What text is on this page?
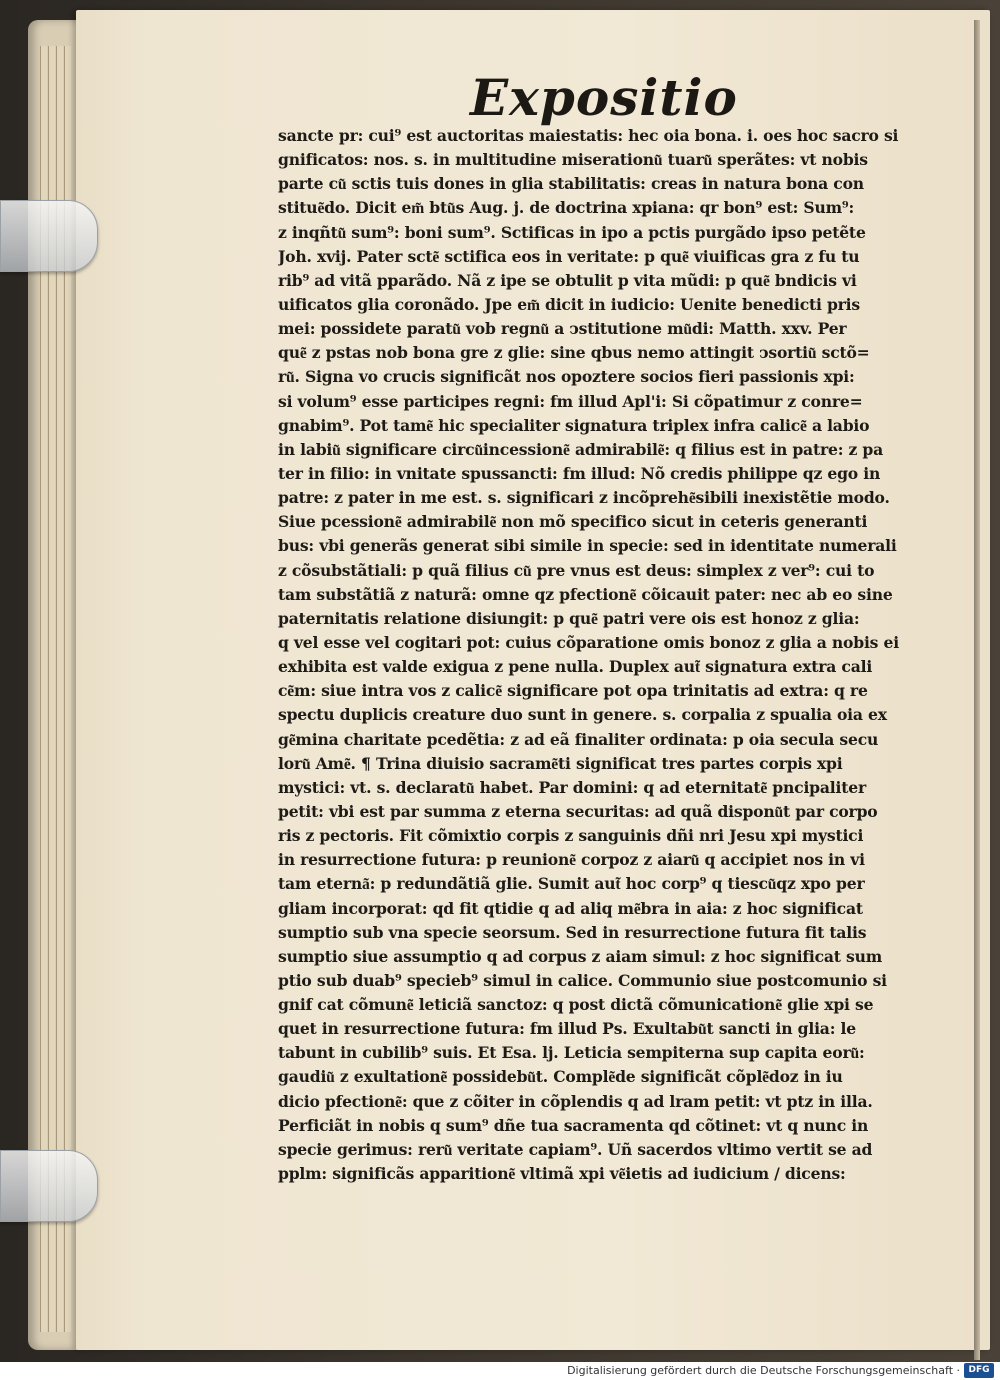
Expositio
sancte pr: cui⁹ est auctoritas maiestatis: hec oia bona. i. oes hoc sacro si
gnificatos: nos. s. in multitudine miserationu͂ tuaru͂ sperãtes: vt nobis
parte cu͂ sctis tuis dones in glia stabilitatis: creas in natura bona con
stitue͂do. Dicit em͂ btu͂s Aug. j. de doctrina xpiana: qr bon⁹ est: Sum⁹:
z inqñtu͂ sum⁹: boni sum⁹. Sctificas in ipo a pctis purgãdo ipso petẽte
Joh. xvij. Pater scte͂ sctifica eos in veritate: p que͂ viuificas gra z fu tu
rib⁹ ad vitã pparãdo. Nã z ipe se obtulit p vita mũdi: p que͂ bndicis vi
uificatos glia coronãdo. Jpe em͂ dicit in iudicio: Uenite benedicti pris
mei: possidete paratu͂ vob regnu͂ a ↄstitutione mu͂di: Matth. xxv. Per
que͂ z pstas nob bona gre z glie: sine qbus nemo attingit ↄsortiu͂ sctõ=
ru͂. Signa vo crucis significãt nos opoztere socios fieri passionis xpi:
si volum⁹ esse participes regni: fm illud Apl'i: Si cõpatimur z conre=
gnabim⁹. Pot tame͂ hic specialiter signatura triplex infra calice͂ a labio
in labiu͂ significare circu͂incessione͂ admirabile͂: q filius est in patre: z pa
ter in filio: in vnitate spussancti: fm illud: Nõ credis philippe qz ego in
patre: z pater in me est. s. significari z incõprehe͂sibili inexistẽtie modo.
Siue pcessione͂ admirabile͂ non mõ specifico sicut in ceteris generanti
bus: vbi generãs generat sibi simile in specie: sed in identitate numerali
z cõsubstãtiali: p quã filius cu͂ pre vnus est deus: simplex z ver⁹: cui to
tam substãtiã z naturã: omne qz pfectione͂ cõicauit pater: nec ab eo sine
paternitatis relatione disiungit: p que͂ patri vere ois est honoz z glia:
q vel esse vel cogitari pot: cuius cõparatione omis bonoz z glia a nobis ei
exhibita est valde exigua z pene nulla. Duplex aut͂ signatura extra cali
ce͂m: siue intra vos z calice͂ significare pot opa trinitatis ad extra: q re
spectu duplicis creature duo sunt in genere. s. corpalia z spualia oia ex
ge͂mina charitate pcedẽtia: z ad eã finaliter ordinata: p oia secula secu
loru͂ Ame͂. ¶ Trina diuisio sacrame͂ti significat tres partes corpis xpi
mystici: vt. s. declaratu͂ habet. Par domini: q ad eternitate͂ pncipaliter
petit: vbi est par summa z eterna securitas: ad quã disponu͂t par corpo
ris z pectoris. Fit cõmixtio corpis z sanguinis dñi nri Jesu xpi mystici
in resurrectione futura: p reunione͂ corpoz z aiaru͂ q accipiet nos in vi
tam eterna͂: p redundãtiã glie. Sumit aut͂ hoc corp⁹ q tiescu͂qz xpo per
gliam incorporat: qd fit qtidie q ad aliq me͂bra in aia: z hoc significat
sumptio sub vna specie seorsum. Sed in resurrectione futura fit talis
sumptio siue assumptio q ad corpus z aiam simul: z hoc significat sum
ptio sub duab⁹ specieb⁹ simul in calice. Communio siue postcomunio si
gnif cat cõmune͂ leticiã sanctoz: q post dictã cõmunicatione͂ glie xpi se
quet in resurrectione futura: fm illud Ps. Exultabu͂t sancti in glia: le
tabunt in cubilib⁹ suis. Et Esa. lj. Leticia sempiterna sup capita eoru͂:
gaudiu͂ z exultatione͂ possidebu͂t. Comple͂de significãt cõple͂doz in iu
dicio pfectione͂: que z cõiter in cõplendis q ad lram petit: vt ptz in illa.
Perficiãt in nobis q sum⁹ dñe tua sacramenta qd cõtinet: vt q nunc in
specie gerimus: reru͂ veritate capiam⁹. Uñ sacerdos vltimo vertit se ad
pplm: significãs apparitione͂ vltimã xpi ve͂ietis ad iudicium / dicens:
Digitalisierung gefördert durch die Deutsche Forschungsgemeinschaft · DFG
